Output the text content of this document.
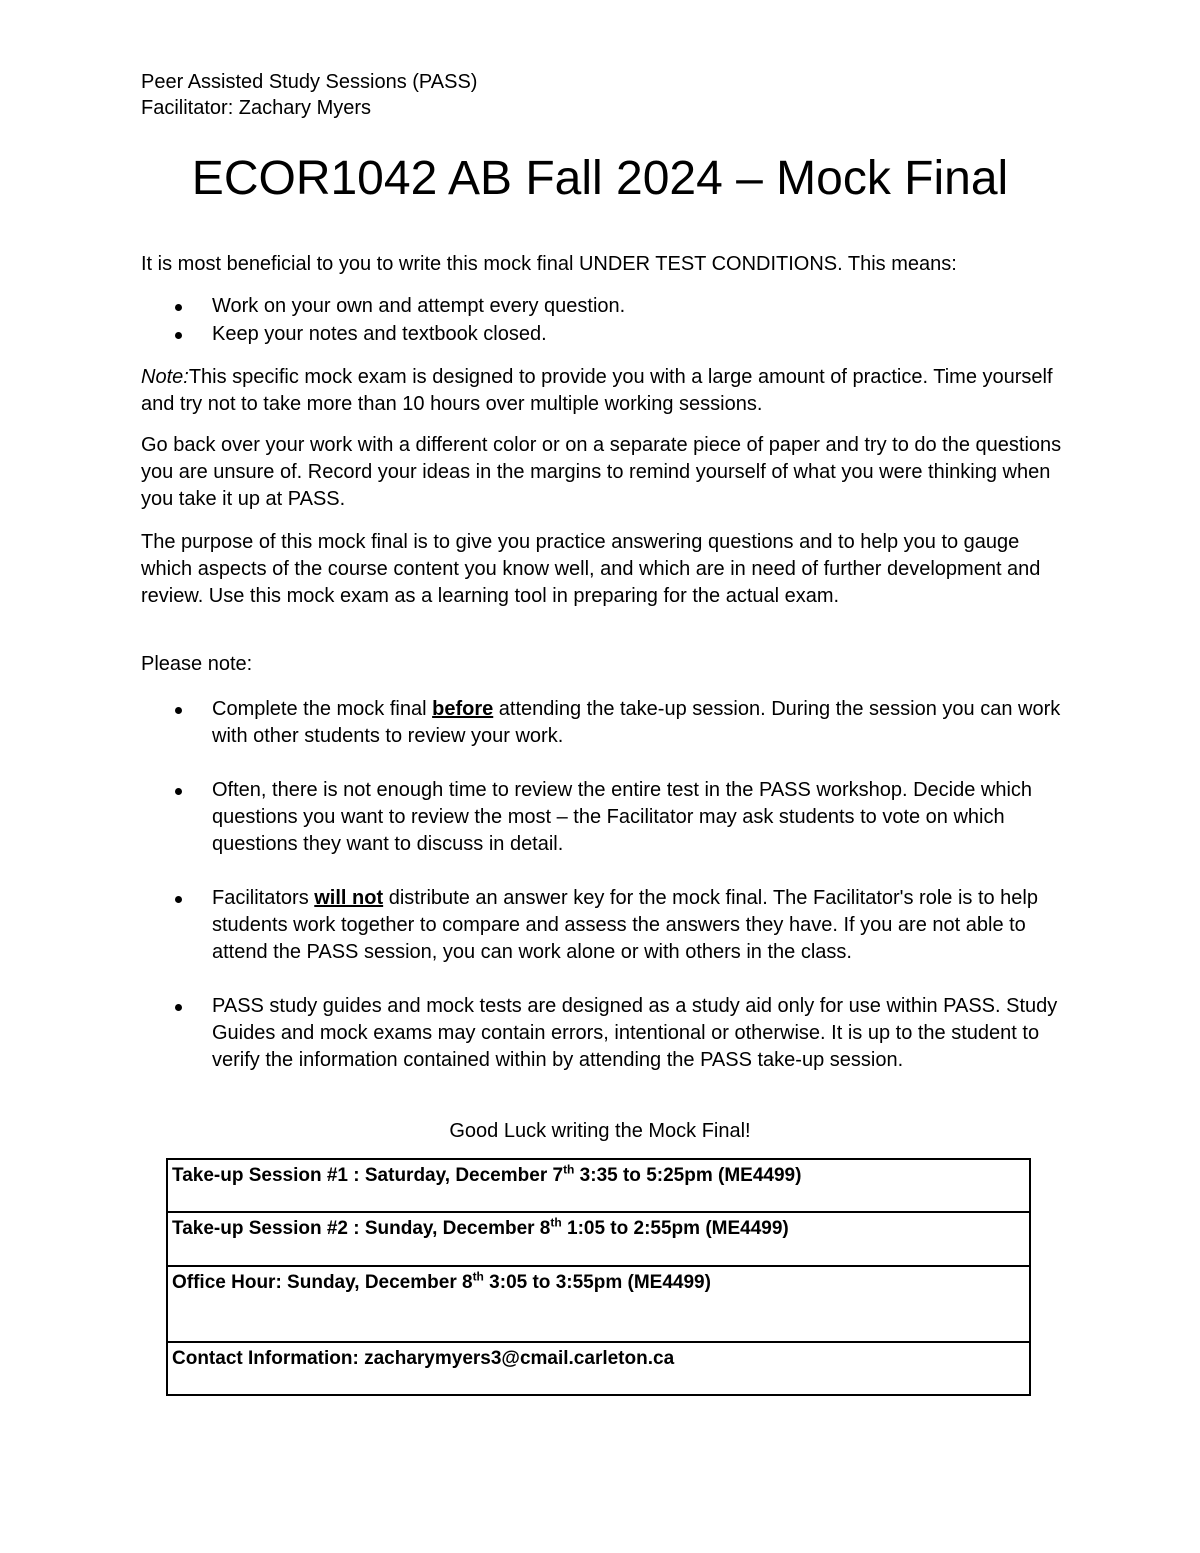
Peer Assisted Study Sessions (PASS)
Facilitator: Zachary Myers
ECOR1042 AB Fall 2024 – Mock Final
It is most beneficial to you to write this mock final UNDER TEST CONDITIONS. This means:
Work on your own and attempt every question.
Keep your notes and textbook closed.
Note:This specific mock exam is designed to provide you with a large amount of practice. Time yourself and try not to take more than 10 hours over multiple working sessions.
Go back over your work with a different color or on a separate piece of paper and try to do the questions you are unsure of. Record your ideas in the margins to remind yourself of what you were thinking when you take it up at PASS.
The purpose of this mock final is to give you practice answering questions and to help you to gauge which aspects of the course content you know well, and which are in need of further development and review. Use this mock exam as a learning tool in preparing for the actual exam.
Please note:
Complete the mock final before attending the take-up session. During the session you can work with other students to review your work.
Often, there is not enough time to review the entire test in the PASS workshop. Decide which questions you want to review the most – the Facilitator may ask students to vote on which questions they want to discuss in detail.
Facilitators will not distribute an answer key for the mock final. The Facilitator's role is to help students work together to compare and assess the answers they have. If you are not able to attend the PASS session, you can work alone or with others in the class.
PASS study guides and mock tests are designed as a study aid only for use within PASS. Study Guides and mock exams may contain errors, intentional or otherwise. It is up to the student to verify the information contained within by attending the PASS take-up session.
Good Luck writing the Mock Final!
Take-up Session #1 : Saturday, December 7th 3:35 to 5:25pm (ME4499)
Take-up Session #2 : Sunday, December 8th 1:05 to 2:55pm (ME4499)
Office Hour: Sunday, December 8th 3:05 to 3:55pm (ME4499)
Contact Information: zacharymyers3@cmail.carleton.ca
